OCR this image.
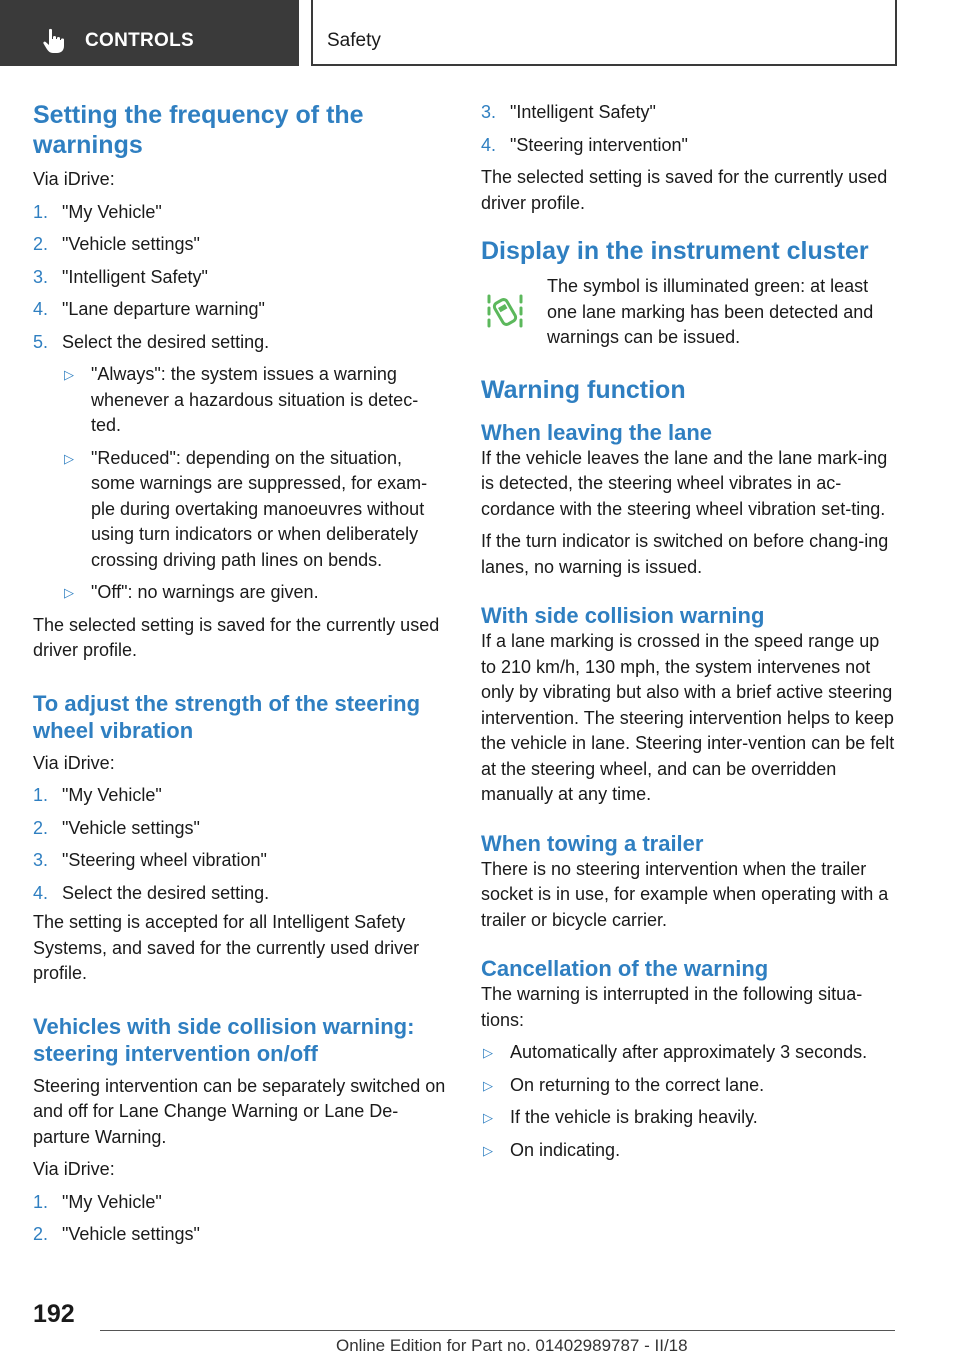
CONTROLS	Safety
Setting the frequency of the warnings

Via iDrive:

1. "My Vehicle"
2. "Vehicle settings"
3. "Intelligent Safety"
4. "Lane departure warning"
5. Select the desired setting.
▷ "Always": the system issues a warning whenever a hazardous situation is detec-ted.
▷ "Reduced": depending on the situation, some warnings are suppressed, for exam-ple during overtaking manoeuvres without using turn indicators or when deliberately crossing driving path lines on bends.
▷ "Off": no warnings are given.

The selected setting is saved for the currently used driver profile.

To adjust the strength of the steering wheel vibration

Via iDrive:

1. "My Vehicle"
2. "Vehicle settings"
3. "Steering wheel vibration"
4. Select the desired setting.

The setting is accepted for all Intelligent Safety Systems, and saved for the currently used driver profile.

Vehicles with side collision warning: steering intervention on/off

Steering intervention can be separately switched on and off for Lane Change Warning or Lane De-parture Warning.

Via iDrive:

1. "My Vehicle"
2. "Vehicle settings"
3. "Intelligent Safety"
4. "Steering intervention"

The selected setting is saved for the currently used driver profile.

Display in the instrument cluster

The symbol is illuminated green: at least one lane marking has been detected and warnings can be issued.

Warning function
When leaving the lane

If the vehicle leaves the lane and the lane mark-ing is detected, the steering wheel vibrates in ac-cordance with the steering wheel vibration set-ting.

If the turn indicator is switched on before chang-ing lanes, no warning is issued.

With side collision warning

If a lane marking is crossed in the speed range up to 210 km/h, 130 mph, the system intervenes not only by vibrating but also with a brief active steering intervention. The steering intervention helps to keep the vehicle in lane. Steering inter-vention can be felt at the steering wheel, and can be overridden manually at any time.

When towing a trailer

There is no steering intervention when the trailer socket is in use, for example when operating with a trailer or bicycle carrier.

Cancellation of the warning

The warning is interrupted in the following situa-tions:

▷ Automatically after approximately 3 seconds.
▷ On returning to the correct lane.
▷ If the vehicle is braking heavily.
▷ On indicating.
192
Online Edition for Part no. 01402989787 - II/18
